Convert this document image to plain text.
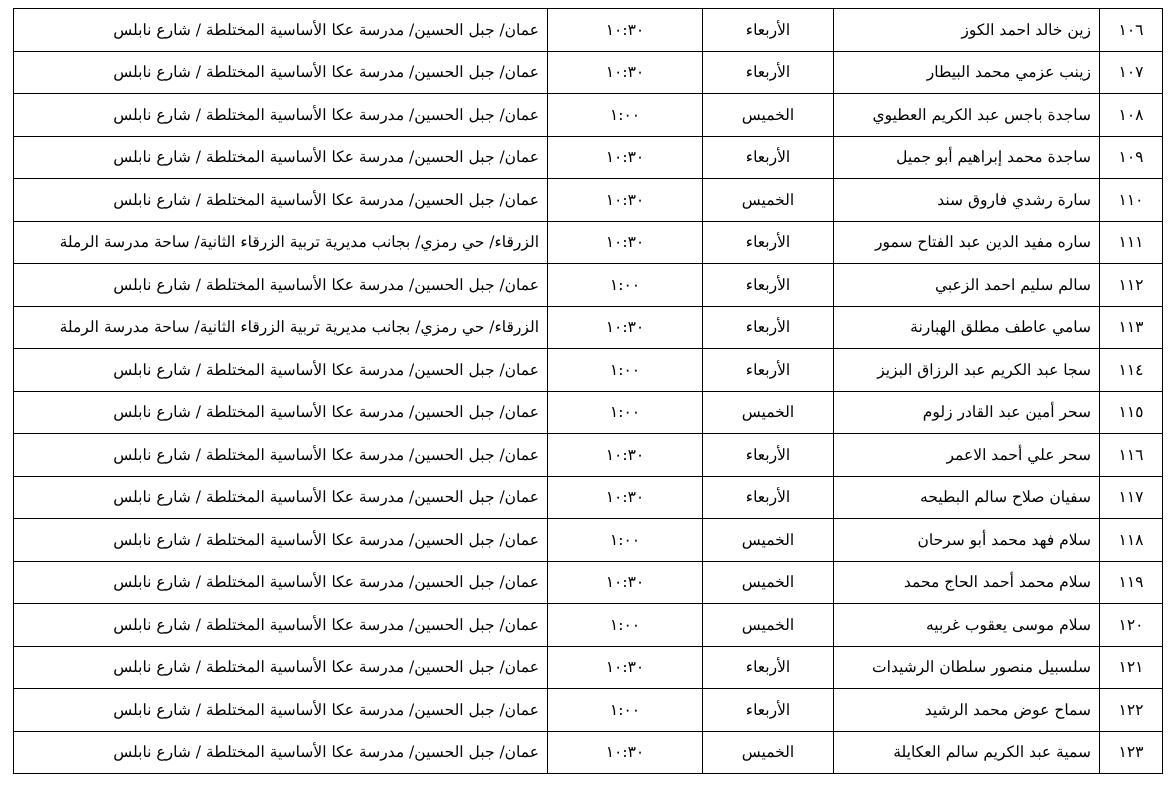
١٠٦	زين خالد احمد الكوز	الأربعاء	١٠:٣٠	عمان/ جبل الحسين/ مدرسة عكا الأساسية المختلطة / شارع نابلس
١٠٧	زينب عزمي محمد البيطار	الأربعاء	١٠:٣٠	عمان/ جبل الحسين/ مدرسة عكا الأساسية المختلطة / شارع نابلس
١٠٨	ساجدة باجس عبد الكريم العطيوي	الخميس	١:٠٠	عمان/ جبل الحسين/ مدرسة عكا الأساسية المختلطة / شارع نابلس
١٠٩	ساجدة محمد إبراهيم أبو جميل	الأربعاء	١٠:٣٠	عمان/ جبل الحسين/ مدرسة عكا الأساسية المختلطة / شارع نابلس
١١٠	سارة رشدي فاروق سند	الخميس	١٠:٣٠	عمان/ جبل الحسين/ مدرسة عكا الأساسية المختلطة / شارع نابلس
١١١	ساره مفيد الدين عبد الفتاح سمور	الأربعاء	١٠:٣٠	الزرقاء/ حي رمزي/ بجانب مديرية تربية الزرقاء الثانية/ ساحة مدرسة الرملة
١١٢	سالم سليم احمد الزعبي	الأربعاء	١:٠٠	عمان/ جبل الحسين/ مدرسة عكا الأساسية المختلطة / شارع نابلس
١١٣	سامي عاطف مطلق الهبارنة	الأربعاء	١٠:٣٠	الزرقاء/ حي رمزي/ بجانب مديرية تربية الزرقاء الثانية/ ساحة مدرسة الرملة
١١٤	سجا عبد الكريم عبد الرزاق البزيز	الأربعاء	١:٠٠	عمان/ جبل الحسين/ مدرسة عكا الأساسية المختلطة / شارع نابلس
١١٥	سحر أمين عبد القادر زلوم	الخميس	١:٠٠	عمان/ جبل الحسين/ مدرسة عكا الأساسية المختلطة / شارع نابلس
١١٦	سحر علي أحمد الاعمر	الأربعاء	١٠:٣٠	عمان/ جبل الحسين/ مدرسة عكا الأساسية المختلطة / شارع نابلس
١١٧	سفيان صلاح سالم البطيحه	الأربعاء	١٠:٣٠	عمان/ جبل الحسين/ مدرسة عكا الأساسية المختلطة / شارع نابلس
١١٨	سلام فهد محمد أبو سرحان	الخميس	١:٠٠	عمان/ جبل الحسين/ مدرسة عكا الأساسية المختلطة / شارع نابلس
١١٩	سلام محمد أحمد الحاج محمد	الخميس	١٠:٣٠	عمان/ جبل الحسين/ مدرسة عكا الأساسية المختلطة / شارع نابلس
١٢٠	سلام موسى يعقوب غربيه	الخميس	١:٠٠	عمان/ جبل الحسين/ مدرسة عكا الأساسية المختلطة / شارع نابلس
١٢١	سلسبيل منصور سلطان الرشيدات	الأربعاء	١٠:٣٠	عمان/ جبل الحسين/ مدرسة عكا الأساسية المختلطة / شارع نابلس
١٢٢	سماح عوض محمد الرشيد	الأربعاء	١:٠٠	عمان/ جبل الحسين/ مدرسة عكا الأساسية المختلطة / شارع نابلس
١٢٣	سمية عبد الكريم سالم العكايلة	الخميس	١٠:٣٠	عمان/ جبل الحسين/ مدرسة عكا الأساسية المختلطة / شارع نابلس
